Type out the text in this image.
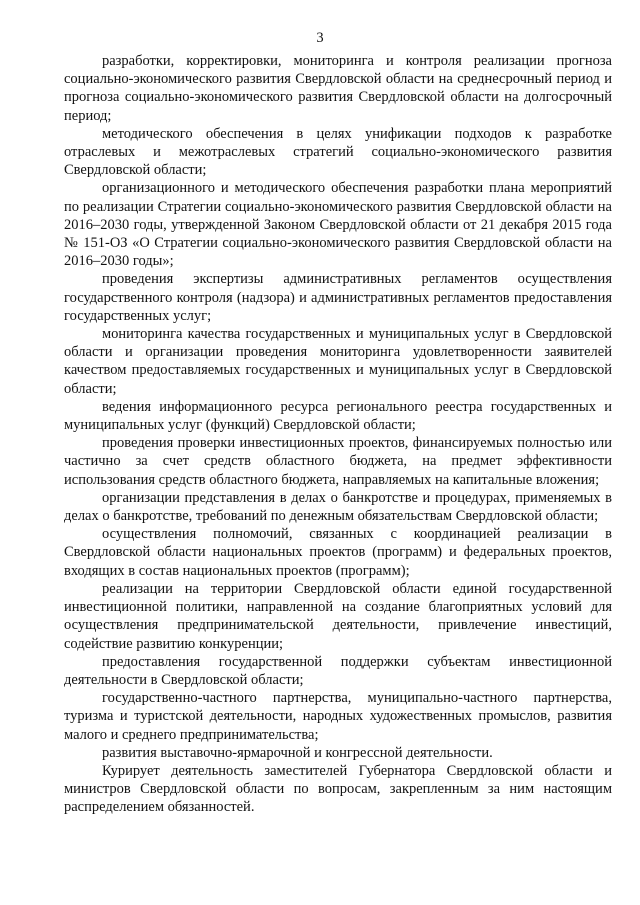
3

разработки, корректировки, мониторинга и контроля реализации прогноза социально-экономического развития Свердловской области на среднесрочный период и прогноза социально-экономического развития Свердловской области на долгосрочный период;

методического обеспечения в целях унификации подходов к разработке отраслевых и межотраслевых стратегий социально-экономического развития Свердловской области;

организационного и методического обеспечения разработки плана мероприятий по реализации Стратегии социально-экономического развития Свердловской области на 2016–2030 годы, утвержденной Законом Свердловской области от 21 декабря 2015 года № 151-ОЗ «О Стратегии социально-экономического развития Свердловской области на 2016–2030 годы»;

проведения экспертизы административных регламентов осуществления государственного контроля (надзора) и административных регламентов предоставления государственных услуг;

мониторинга качества государственных и муниципальных услуг в Свердловской области и организации проведения мониторинга удовлетворенности заявителей качеством предоставляемых государственных и муниципальных услуг в Свердловской области;

ведения информационного ресурса регионального реестра государственных и муниципальных услуг (функций) Свердловской области;

проведения проверки инвестиционных проектов, финансируемых полностью или частично за счет средств областного бюджета, на предмет эффективности использования средств областного бюджета, направляемых на капитальные вложения;

организации представления в делах о банкротстве и процедурах, применяемых в делах о банкротстве, требований по денежным обязательствам Свердловской области;

осуществления полномочий, связанных с координацией реализации в Свердловской области национальных проектов (программ) и федеральных проектов, входящих в состав национальных проектов (программ);

реализации на территории Свердловской области единой государственной инвестиционной политики, направленной на создание благоприятных условий для осуществления предпринимательской деятельности, привлечение инвестиций, содействие развитию конкуренции;

предоставления государственной поддержки субъектам инвестиционной деятельности в Свердловской области;

государственно-частного партнерства, муниципально-частного партнерства, туризма и туристской деятельности, народных художественных промыслов, развития малого и среднего предпринимательства;

развития выставочно-ярмарочной и конгрессной деятельности.

Курирует деятельность заместителей Губернатора Свердловской области и министров Свердловской области по вопросам, закрепленным за ним настоящим распределением обязанностей.
